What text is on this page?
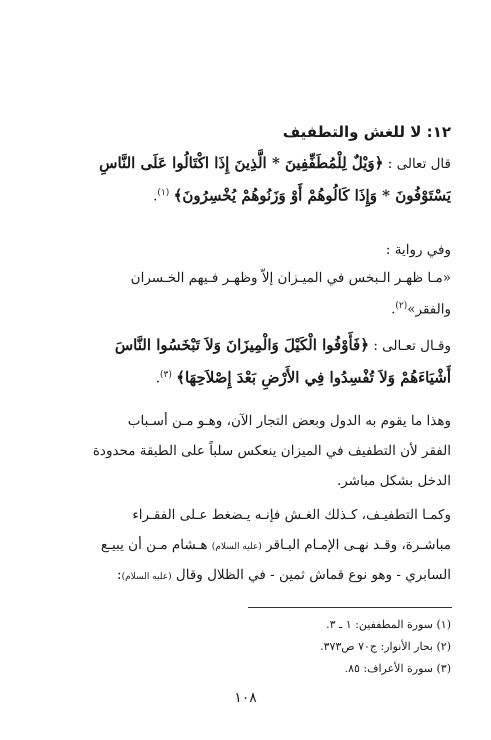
١٢: لا للغش والتطفيف
قال تعالى : ﴿وَيْلٌ لِلْمُطَفِّفِينَ * الَّذِينَ إِذَا اكْتَالُوا عَلَى النَّاسِ
يَسْتَوْفُونَ * وَإِذَا كَالُوهُمْ أَوْ وَزَنُوهُمْ يُخْسِرُونَ﴾ $^{(١)}$.
وفي رواية :
«مـا ظهـر الـبخس في الميـزان إلاّ وظهـر فـيهم الخـسران
والفقر»$^{(٢)}$.
وقـال تعـالى : ﴿فَأَوْفُوا الْكَيْلَ وَالْمِيزَانَ وَلاَ تَبْخَسُوا النَّاسَ
أَشْيَاءَهُمْ وَلاَ تُفْسِدُوا فِي الأَرْضِ بَعْدَ إِصْلاَحِهَا﴾ $^{(٣)}$.
وهذا ما يقوم به الدول وبعض التجار الآن، وهـو مـن أسـباب
الفقر لأن التطفيف في الميزان ينعكس سلباً على الطبقة محدودة
الدخل بشكل مباشر.
وكمـا التطفيـف، كـذلك الغـش فإنـه يـضغط عـلى الفقـراء
مباشـرة، وقـد نهـى الإمـام البـاقر (عليه السلام) هـشام مـن أن يبيـع
السابري - وهو نوع قماش ثمين - في الظلال وقال (عليه السلام):
(١) سورة المطففين: ١ ـ ٣.
(٢) بحار الأنوار: ج٧٠ ص٣٧٣.
(٣) سورة الأعراف: ٨٥.
١٠٨
